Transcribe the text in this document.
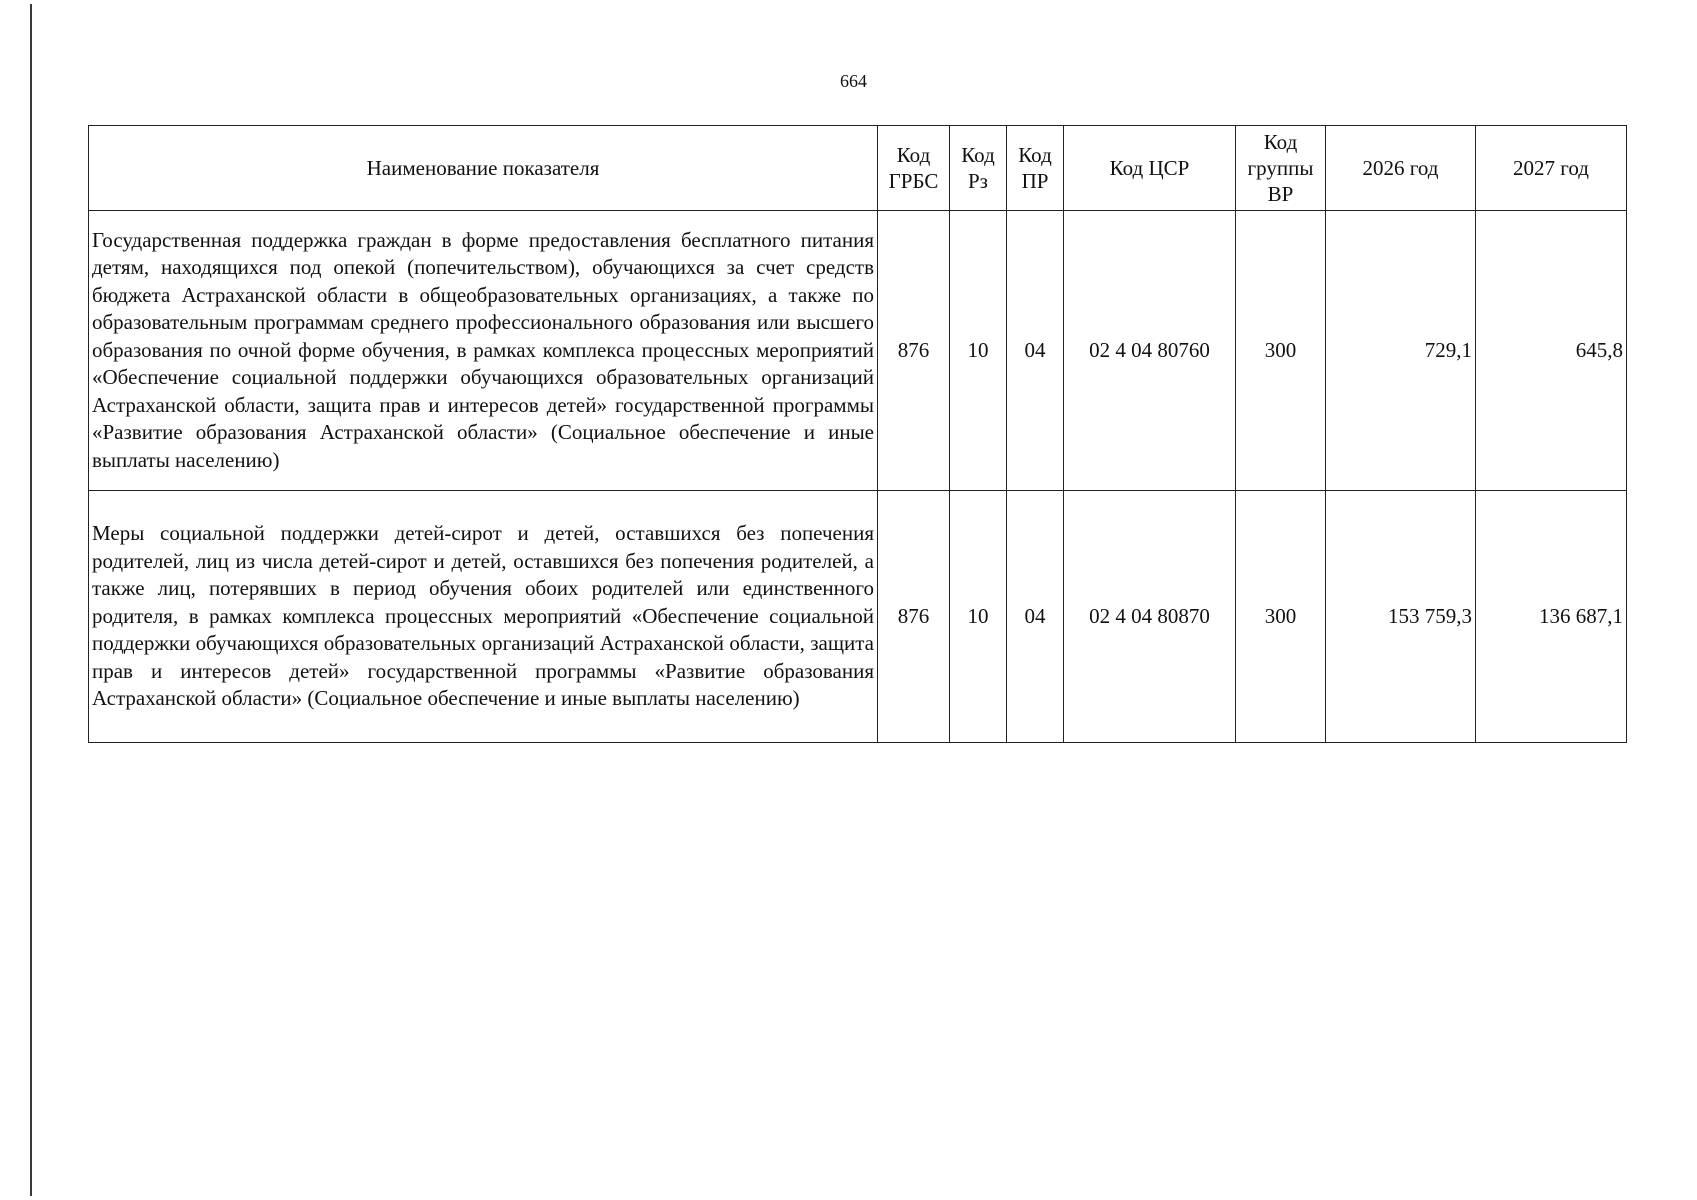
664
Наименование показателя	Код ГРБС	Код Рз	Код ПР	Код ЦСР	Код группы ВР	2026 год	2027 год
Государственная поддержка граждан в форме предоставления бесплатного питания детям, находящихся под опекой (попечительством), обучающихся за счет средств бюджета Астраханской области в общеобразовательных организациях, а также по образовательным программам среднего профессионального образования или высшего образования по очной форме обучения, в рамках комплекса процессных мероприятий «Обеспечение социальной поддержки обучающихся образовательных организаций Астраханской области, защита прав и интересов детей» государственной программы «Развитие образования Астраханской области» (Социальное обеспечение и иные выплаты населению)	876	10	04	02 4 04 80760	300	729,1	645,8
Меры социальной поддержки детей-сирот и детей, оставшихся без попечения родителей, лиц из числа детей-сирот и детей, оставшихся без попечения родителей, а также лиц, потерявших в период обучения обоих родителей или единственного родителя, в рамках комплекса процессных мероприятий «Обеспечение социальной поддержки обучающихся образовательных организаций Астраханской области, защита прав и интересов детей» государственной программы «Развитие образования Астраханской области» (Социальное обеспечение и иные выплаты населению)	876	10	04	02 4 04 80870	300	153 759,3	136 687,1
